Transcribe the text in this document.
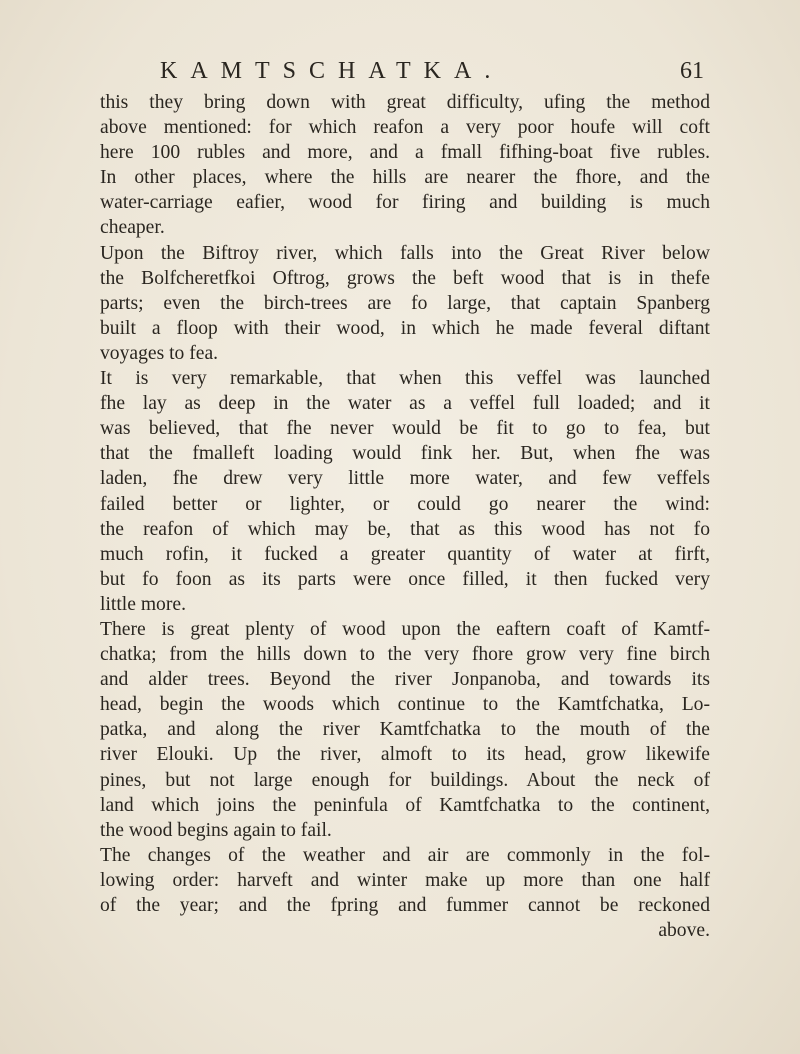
KAMTSCHATKA.	61
this they bring down with great difficulty, ufing the method
above mentioned: for which reafon a very poor houfe will coft
here 100 rubles and more, and a fmall fifhing-boat five rubles.
In other places, where the hills are nearer the fhore, and the
water-carriage eafier, wood for firing and building is much
cheaper.
Upon the Biftroy river, which falls into the Great River below
the Bolfcheretfkoi Oftrog, grows the beft wood that is in thefe
parts; even the birch-trees are fo large, that captain Spanberg
built a floop with their wood, in which he made feveral diftant
voyages to fea.
It is very remarkable, that when this veffel was launched
fhe lay as deep in the water as a veffel full loaded; and it
was believed, that fhe never would be fit to go to fea, but
that the fmalleft loading would fink her. But, when fhe was
laden, fhe drew very little more water, and few veffels
failed better or lighter, or could go nearer the wind:
the reafon of which may be, that as this wood has not fo
much rofin, it fucked a greater quantity of water at firft,
but fo foon as its parts were once filled, it then fucked very
little more.
There is great plenty of wood upon the eaftern coaft of Kamtf-
chatka; from the hills down to the very fhore grow very fine birch
and alder trees. Beyond the river Jonpanoba, and towards its
head, begin the woods which continue to the Kamtfchatka, Lo-
patka, and along the river Kamtfchatka to the mouth of the
river Elouki. Up the river, almoft to its head, grow likewife
pines, but not large enough for buildings. About the neck of
land which joins the peninfula of Kamtfchatka to the continent,
the wood begins again to fail.
The changes of the weather and air are commonly in the fol-
lowing order: harveft and winter make up more than one half
of the year; and the fpring and fummer cannot be reckoned
above.
